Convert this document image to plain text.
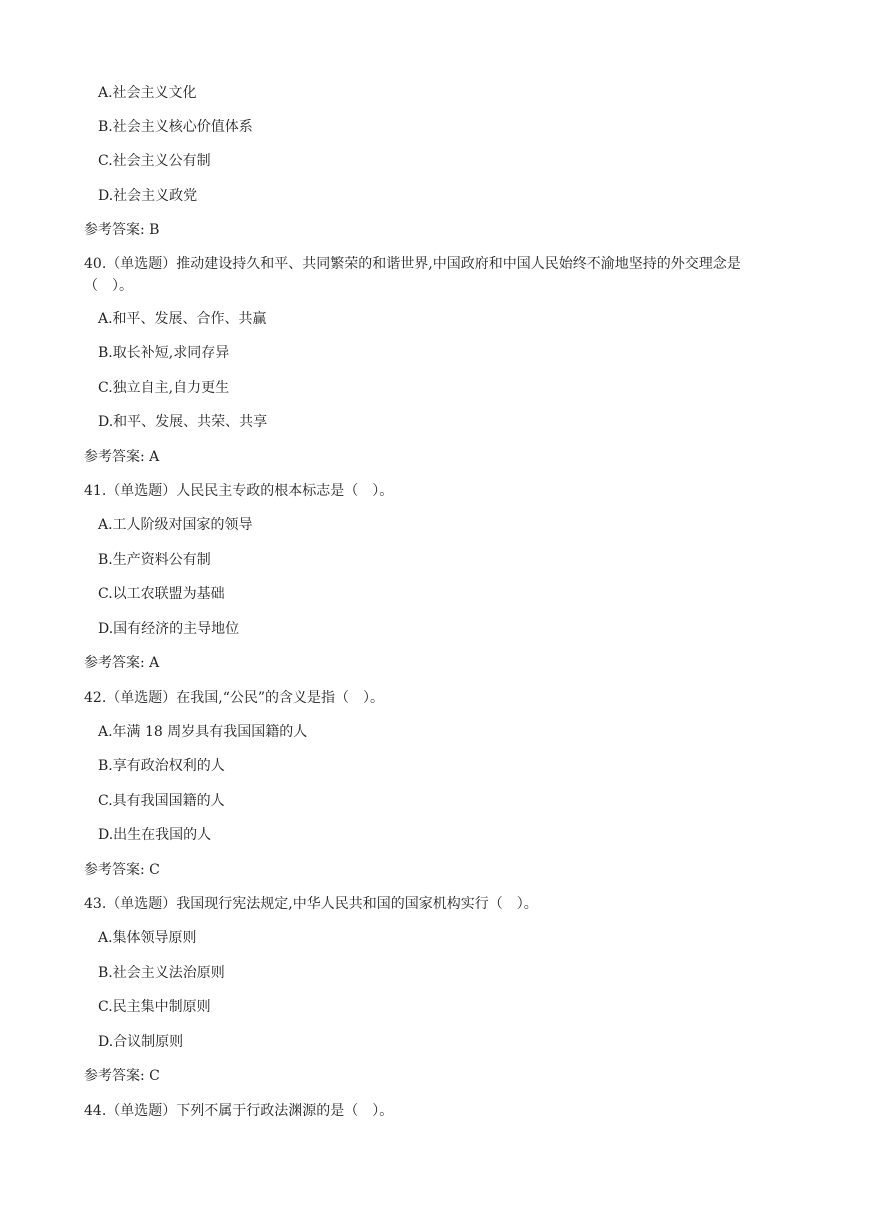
A.社会主义文化
B.社会主义核心价值体系
C.社会主义公有制
D.社会主义政党
参考答案: B
40.（单选题）推动建设持久和平、共同繁荣的和谐世界,中国政府和中国人民始终不渝地坚持的外交理念是（　）。
A.和平、发展、合作、共赢
B.取长补短,求同存异
C.独立自主,自力更生
D.和平、发展、共荣、共享
参考答案: A
41.（单选题）人民民主专政的根本标志是（　）。
A.工人阶级对国家的领导
B.生产资料公有制
C.以工农联盟为基础
D.国有经济的主导地位
参考答案: A
42.（单选题）在我国,“公民”的含义是指（　）。
A.年满 18 周岁具有我国国籍的人
B.享有政治权利的人
C.具有我国国籍的人
D.出生在我国的人
参考答案: C
43.（单选题）我国现行宪法规定,中华人民共和国的国家机构实行（　）。
A.集体领导原则
B.社会主义法治原则
C.民主集中制原则
D.合议制原则
参考答案: C
44.（单选题）下列不属于行政法渊源的是（　）。
